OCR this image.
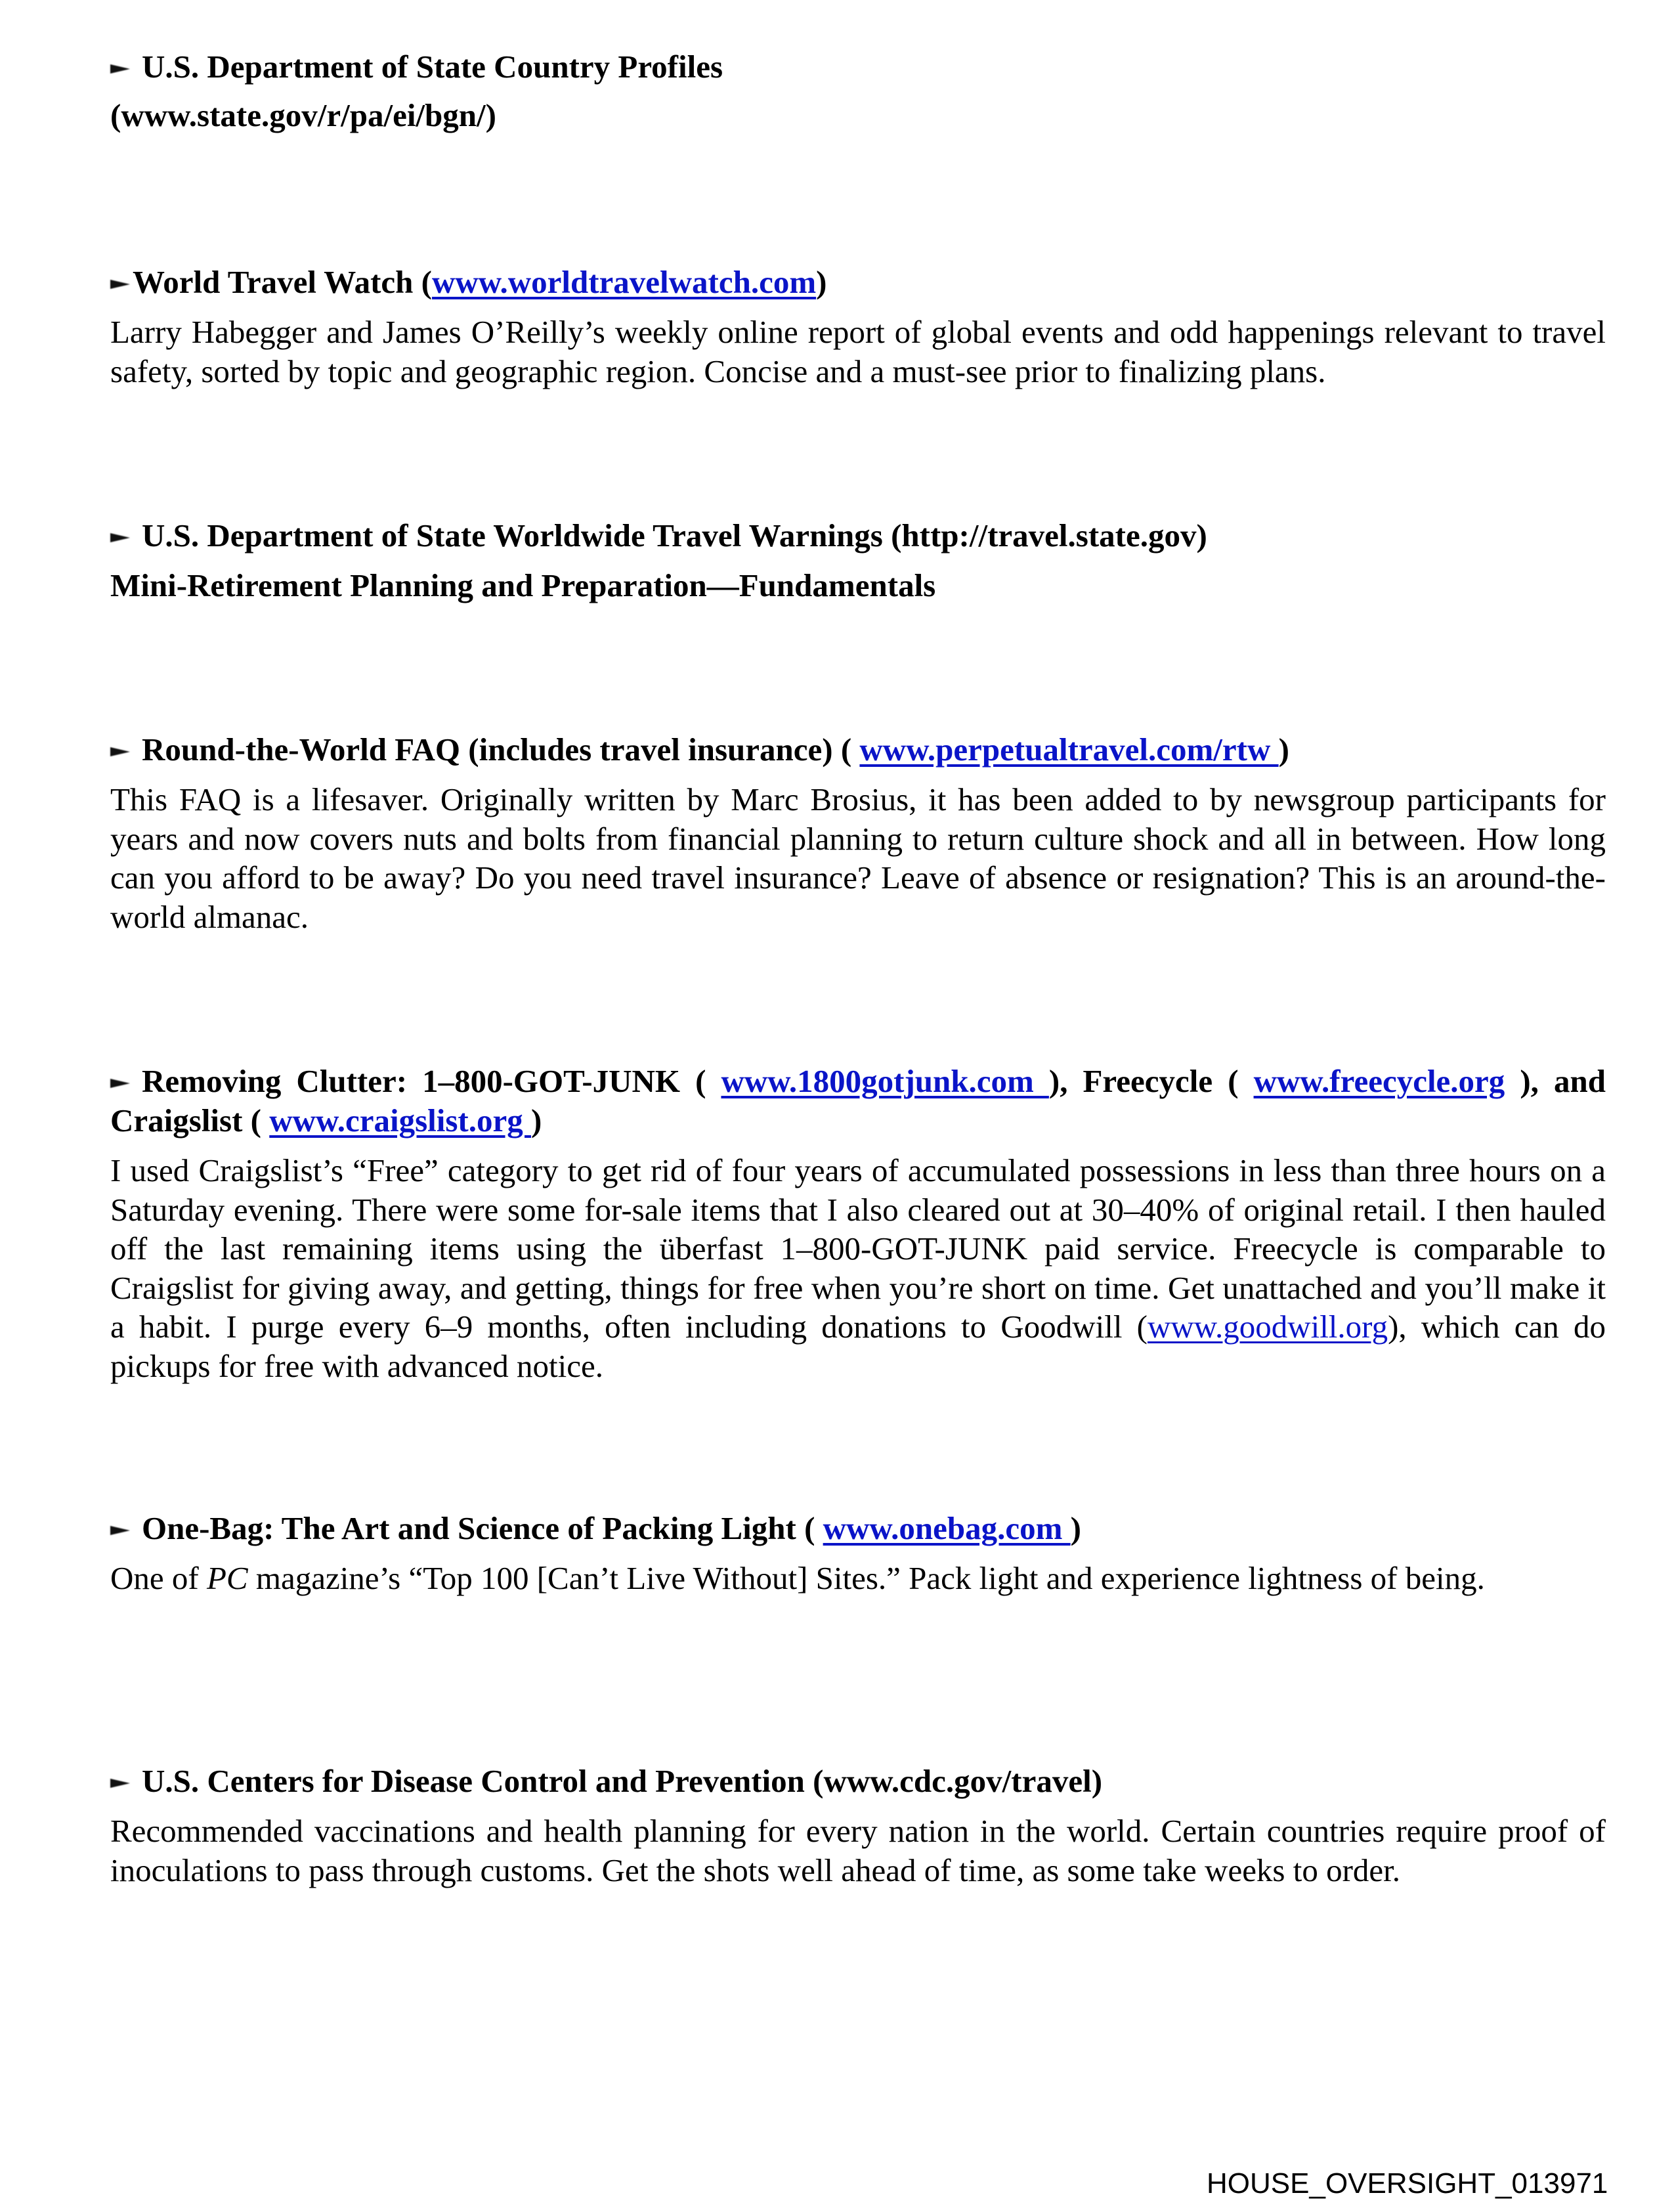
U.S. Department of State Country Profiles

(www.state.gov/r/pa/ei/bgn/)

World Travel Watch (www.worldtravelwatch.com)

Larry Habegger and James O’Reilly’s weekly online report of global events and odd happenings relevant to travel safety, sorted by topic and geographic region. Concise and a must-see prior to finalizing plans.

U.S. Department of State Worldwide Travel Warnings (http://travel.state.gov)

Mini-Retirement Planning and Preparation—Fundamentals

Round-the-World FAQ (includes travel insurance) ( www.perpetualtravel.com/rtw )

This FAQ is a lifesaver. Originally written by Marc Brosius, it has been added to by newsgroup participants for years and now covers nuts and bolts from financial planning to return culture shock and all in between. How long can you afford to be away? Do you need travel insurance? Leave of absence or resignation? This is an around-the-world almanac.

Removing Clutter: 1–800-GOT-JUNK ( www.1800gotjunk.com ), Freecycle ( www.freecycle.org ), and Craigslist ( www.craigslist.org )

I used Craigslist’s “Free” category to get rid of four years of accumulated possessions in less than three hours on a Saturday evening. There were some for-sale items that I also cleared out at 30–40% of original retail. I then hauled off the last remaining items using the überfast 1–800-GOT-JUNK paid service. Freecycle is comparable to Craigslist for giving away, and getting, things for free when you’re short on time. Get unattached and you’ll make it a habit. I purge every 6–9 months, often including donations to Goodwill (www.goodwill.org), which can do pickups for free with advanced notice.

One-Bag: The Art and Science of Packing Light ( www.onebag.com )

One of PC magazine’s “Top 100 [Can’t Live Without] Sites.” Pack light and experience lightness of being.

U.S. Centers for Disease Control and Prevention (www.cdc.gov/travel)

Recommended vaccinations and health planning for every nation in the world. Certain countries require proof of inoculations to pass through customs. Get the shots well ahead of time, as some take weeks to order.

HOUSE_OVERSIGHT_013971
